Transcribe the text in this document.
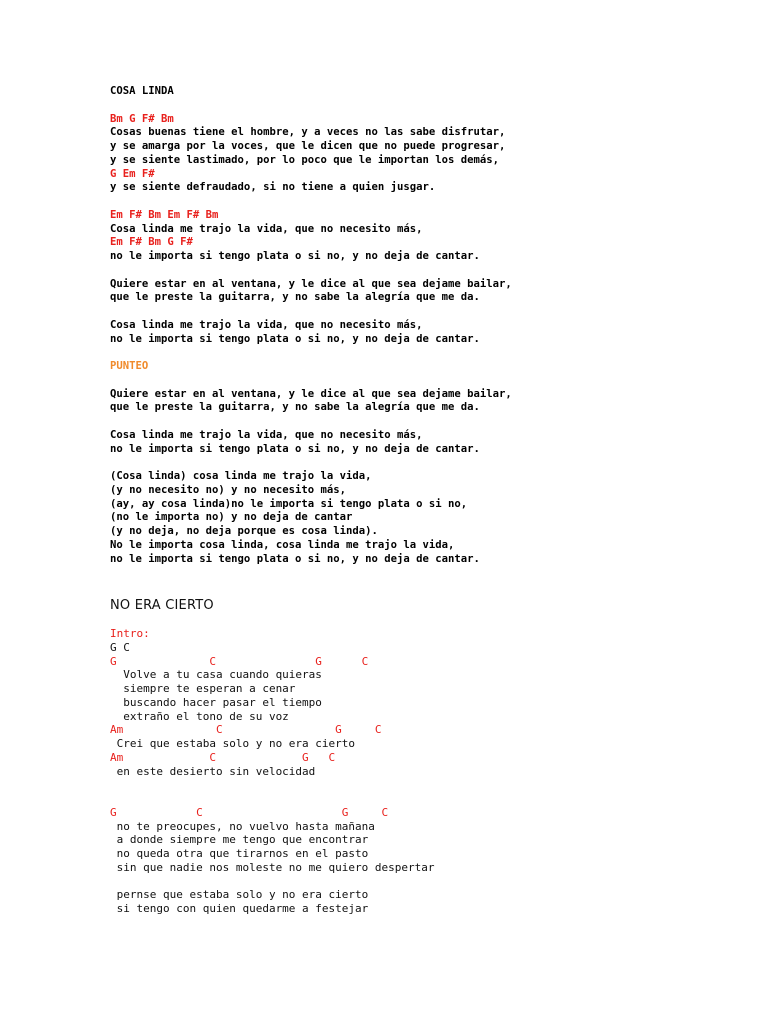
COSA LINDA

Bm G F# Bm
Cosas buenas tiene el hombre, y a veces no las sabe disfrutar,
y se amarga por la voces, que le dicen que no puede progresar,
y se siente lastimado, por lo poco que le importan los demás,
G Em F#
y se siente defraudado, si no tiene a quien jusgar.

Em F# Bm Em F# Bm
Cosa linda me trajo la vida, que no necesito más,
Em F# Bm G F#
no le importa si tengo plata o si no, y no deja de cantar.

Quiere estar en al ventana, y le dice al que sea dejame bailar,
que le preste la guitarra, y no sabe la alegría que me da.

Cosa linda me trajo la vida, que no necesito más,
no le importa si tengo plata o si no, y no deja de cantar.

PUNTEO

Quiere estar en al ventana, y le dice al que sea dejame bailar,
que le preste la guitarra, y no sabe la alegría que me da.

Cosa linda me trajo la vida, que no necesito más,
no le importa si tengo plata o si no, y no deja de cantar.

(Cosa linda) cosa linda me trajo la vida,
(y no necesito no) y no necesito más,
(ay, ay cosa linda)no le importa si tengo plata o si no,
(no le importa no) y no deja de cantar
(y no deja, no deja porque es cosa linda).
No le importa cosa linda, cosa linda me trajo la vida,
no le importa si tengo plata o si no, y no deja de cantar.
NO ERA CIERTO
Intro:
G C
G              C               G      C
Volve a tu casa cuando quieras
siempre te esperan a cenar
buscando hacer pasar el tiempo
extraño el tono de su voz
Am              C                 G     C
Crei que estaba solo y no era cierto
Am             C             G   C
en este desierto sin velocidad

G            C                     G     C
no te preocupes, no vuelvo hasta mañana
a donde siempre me tengo que encontrar
no queda otra que tirarnos en el pasto
sin que nadie nos moleste no me quiero despertar

pernse que estaba solo y no era cierto
si tengo con quien quedarme a festejar
